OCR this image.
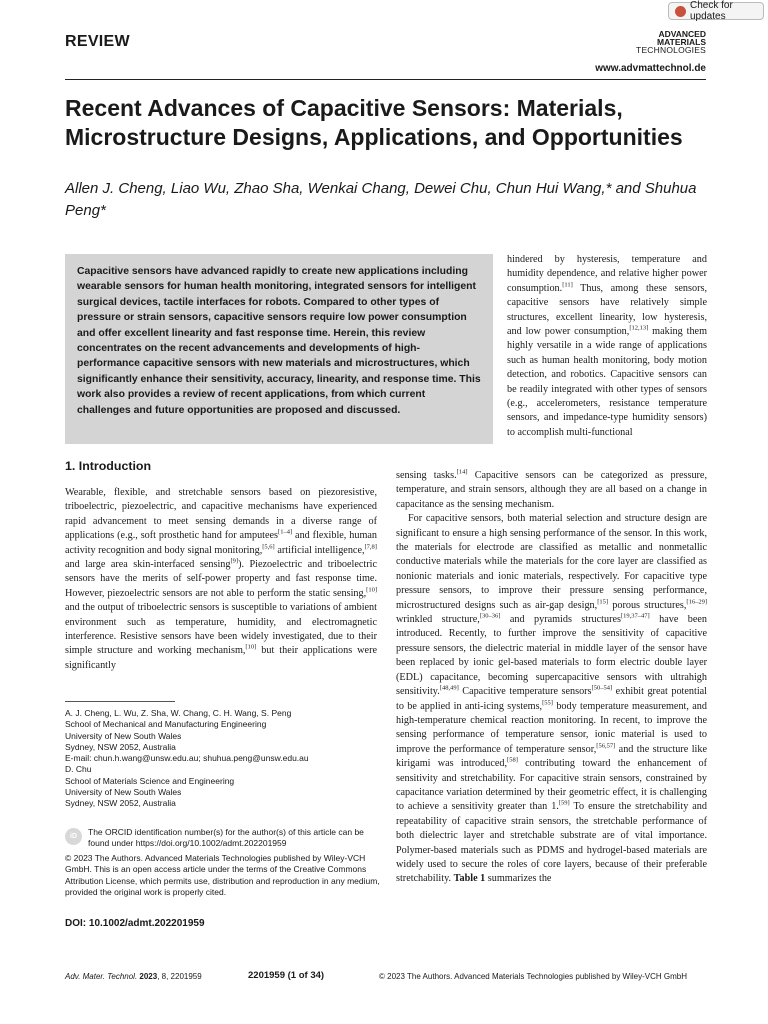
Check for updates
REVIEW	ADVANCED
MATERIALS
TECHNOLOGIES
www.advmattechnol.de
Recent Advances of Capacitive Sensors: Materials, Microstructure Designs, Applications, and Opportunities
Allen J. Cheng, Liao Wu, Zhao Sha, Wenkai Chang, Dewei Chu, Chun Hui Wang,* and Shuhua Peng*
Capacitive sensors have advanced rapidly to create new applications including wearable sensors for human health monitoring, integrated sensors for intelligent surgical devices, tactile interfaces for robots. Compared to other types of pressure or strain sensors, capacitive sensors require low power consumption and offer excellent linearity and fast response time. Herein, this review concentrates on the recent advancements and developments of high-performance capacitive sensors with new materials and microstructures, which significantly enhance their sensitivity, accuracy, linearity, and response time. This work also provides a review of recent applications, from which current challenges and future opportunities are proposed and discussed.

hindered by hysteresis, temperature and humidity dependence, and relative higher power consumption.[11] Thus, among these sensors, capacitive sensors have relatively simple structures, excellent linearity, low hysteresis, and low power consumption,[12,13] making them highly versatile in a wide range of applications such as human health monitoring, body motion detection, and robotics. Capacitive sensors can be readily integrated with other types of sensors (e.g., accelerometers, resistance temperature sensors, and impedance-type humidity sensors) to accomplish multi-functional

1. Introduction

Wearable, flexible, and stretchable sensors based on piezoresistive, triboelectric, piezoelectric, and capacitive mechanisms have experienced rapid advancement to meet sensing demands in a diverse range of applications (e.g., soft prosthetic hand for amputees[1–4] and flexible, human activity recognition and body signal monitoring,[5,6] artificial intelligence,[7,8] and large area skin-interfaced sensing[9]). Piezoelectric and triboelectric sensors have the merits of self-power property and fast response time. However, piezoelectric sensors are not able to perform the static sensing,[10] and the output of triboelectric sensors is susceptible to variations of ambient environment such as temperature, humidity, and electromagnetic interference. Resistive sensors have been widely investigated, due to their simple structure and working mechanism,[10] but their applications were significantly

sensing tasks.[14] Capacitive sensors can be categorized as pressure, temperature, and strain sensors, although they are all based on a change in capacitance as the sensing mechanism.

For capacitive sensors, both material selection and structure design are significant to ensure a high sensing performance of the sensor. In this work, the materials for electrode are classified as metallic and nonmetallic conductive materials while the materials for the core layer are classified as nonionic materials and ionic materials, respectively. For capacitive type pressure sensors, to improve their pressure sensing performance, microstructured designs such as air-gap design,[15] porous structures,[16–29] wrinkled structure,[30–36] and pyramids structures[19,37–47] have been introduced. Recently, to further improve the sensitivity of capacitive pressure sensors, the dielectric material in middle layer of the sensor have been replaced by ionic gel-based materials to form electric double layer (EDL) capacitance, becoming supercapacitive sensors with ultrahigh sensitivity.[48,49] Capacitive temperature sensors[50–54] exhibit great potential to be applied in anti-icing systems,[55] body temperature measurement, and high-temperature chemical reaction monitoring. In recent, to improve the sensing performance of temperature sensor, ionic material is used to improve the performance of temperature sensor,[56,57] and the structure like kirigami was introduced,[58] contributing toward the enhancement of sensitivity and stretchability. For capacitive strain sensors, constrained by capacitance variation determined by their geometric effect, it is challenging to achieve a sensitivity greater than 1.[59] To ensure the stretchability and repeatability of capacitive strain sensors, the stretchable performance of both dielectric layer and stretchable substrate are of vital importance. Polymer-based materials such as PDMS and hydrogel-based materials are widely used to secure the roles of core layers, because of their preferable stretchability. Table 1 summarizes the

A. J. Cheng, L. Wu, Z. Sha, W. Chang, C. H. Wang, S. Peng

School of Mechanical and Manufacturing Engineering

University of New South Wales

Sydney, NSW 2052, Australia

E-mail: chun.h.wang@unsw.edu.au; shuhua.peng@unsw.edu.au

D. Chu

School of Materials Science and Engineering

University of New South Wales

Sydney, NSW 2052, Australia

iD	The ORCID identification number(s) for the author(s) of this article can be found under https://doi.org/10.1002/admt.202201959
© 2023 The Authors. Advanced Materials Technologies published by Wiley-VCH GmbH. This is an open access article under the terms of the Creative Commons Attribution License, which permits use, distribution and reproduction in any medium, provided the original work is properly cited.
DOI: 10.1002/admt.202201959
Adv. Mater. Technol. 2023, 8, 2201959	2201959 (1 of 34)	© 2023 The Authors. Advanced Materials Technologies published by Wiley-VCH GmbH
